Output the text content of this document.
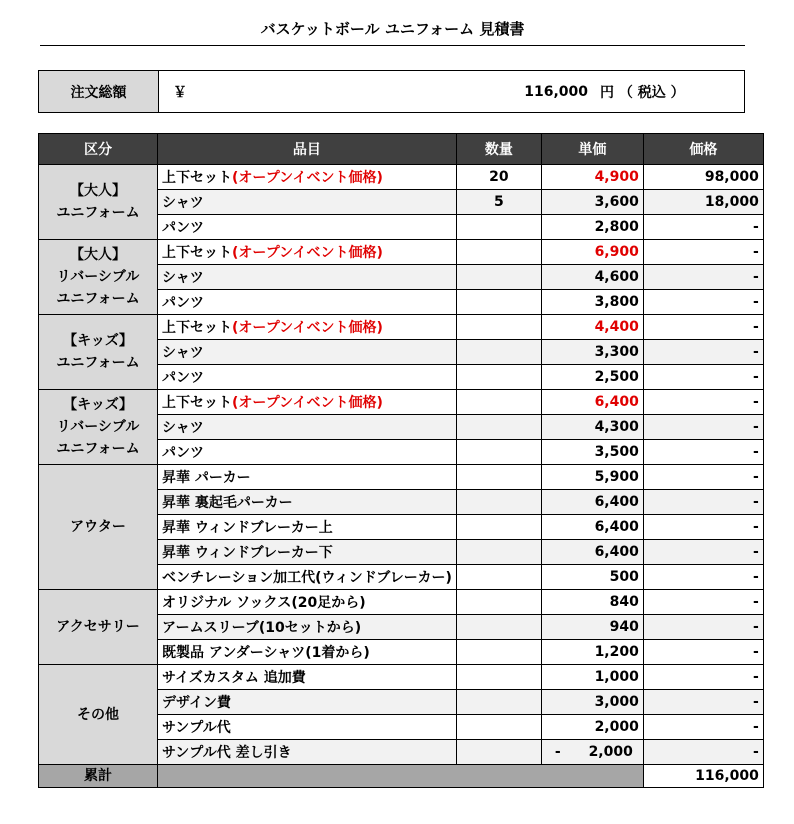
バスケットボール ユニフォーム 見積書
注文総額	￥	116,000 円 （ 税込 ）
区分	品目	数量	単価	価格

【大人】
ユニフォーム	上下セット(オープンイベント価格)	20	4,900	98,000
	シャツ	5	3,600	18,000
	パンツ		2,800	-

【大人】
リバーシブル
ユニフォーム	上下セット(オープンイベント価格)		6,900	-
	シャツ		4,600	-
	パンツ		3,800	-

【キッズ】
ユニフォーム	上下セット(オープンイベント価格)		4,400	-
	シャツ		3,300	-
	パンツ		2,500	-

【キッズ】
リバーシブル
ユニフォーム	上下セット(オープンイベント価格)		6,400	-
	シャツ		4,300	-
	パンツ		3,500	-

アウター	昇華 パーカー		5,900	-
	昇華 裏起毛パーカー		6,400	-
	昇華 ウィンドブレーカー上		6,400	-
	昇華 ウィンドブレーカー下		6,400	-
	ベンチレーション加工代(ウィンドブレーカー)		500	-

アクセサリー	オリジナル ソックス(20足から)		840	-
	アームスリーブ(10セットから)		940	-
	既製品 アンダーシャツ(1着から)		1,200	-

その他	サイズカスタム 追加費		1,000	-
	デザイン費		3,000	-
	サンプル代		2,000	-
	サンプル代 差し引き		- 2,000	-
累計				116,000
